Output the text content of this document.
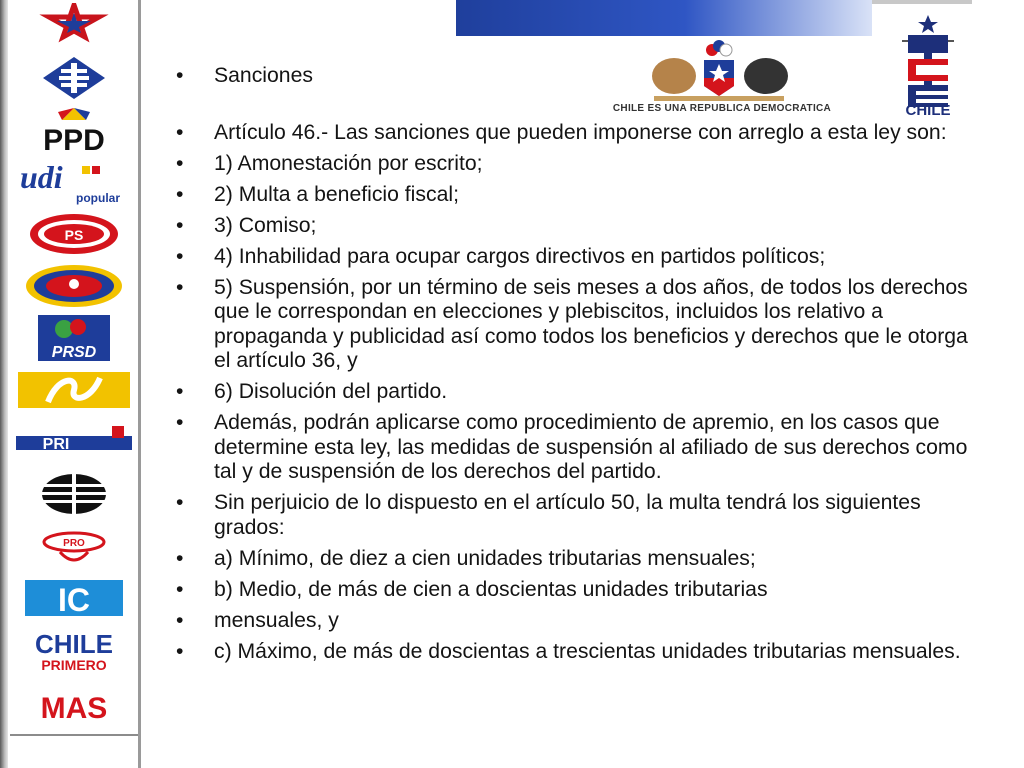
PPD
udi
popular
PS
PRSD
PRI
PRO
IC
CHILE
PRIMERO
MAS
CHILE ES UNA REPUBLICA DEMOCRATICA	CHILE
• Sanciones
• Artículo 46.- Las sanciones que pueden imponerse con arreglo a esta ley son:
• 1) Amonestación por escrito;
• 2) Multa a beneficio fiscal;
• 3) Comiso;
• 4) Inhabilidad para ocupar cargos directivos en partidos políticos;
• 5) Suspensión, por un término de seis meses a dos años, de todos los derechos que le correspondan en elecciones y plebiscitos, incluidos los relativo a propaganda y publicidad así como todos los beneficios y derechos que le otorga el artículo 36, y
• 6) Disolución del partido.
• Además, podrán aplicarse como procedimiento de apremio, en los casos que determine esta ley, las medidas de suspensión al afiliado de sus derechos como tal y de suspensión de los derechos del partido.
• Sin perjuicio de lo dispuesto en el artículo 50, la multa tendrá los siguientes grados:
• a) Mínimo, de diez a cien unidades tributarias mensuales;
• b) Medio, de más de cien a doscientas unidades tributarias
• mensuales, y
• c) Máximo, de más de doscientas a trescientas unidades tributarias mensuales.
